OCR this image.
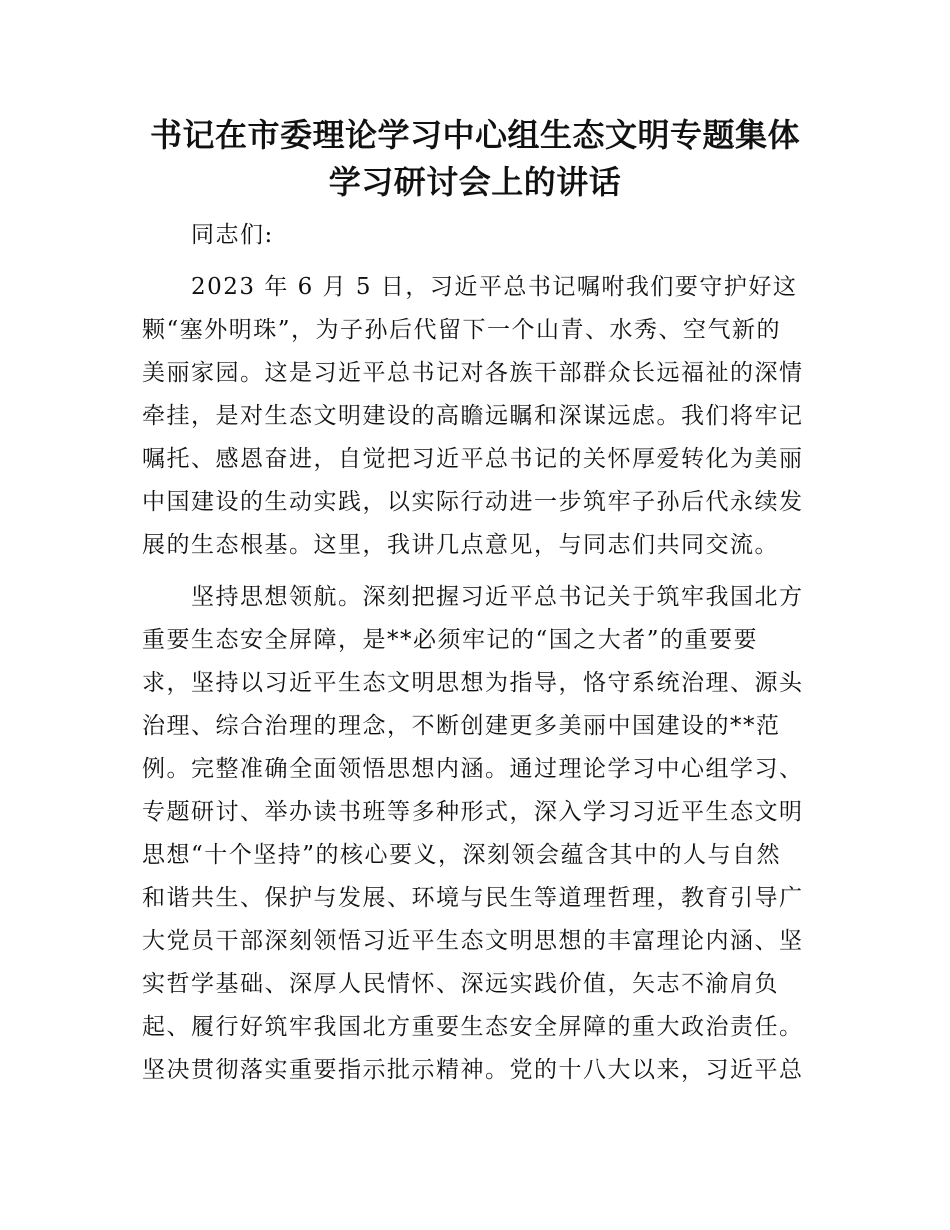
书记在市委理论学习中心组生态文明专题集体
学习研讨会上的讲话
　　同志们:
　　2023 年 6 月 5 日，习近平总书记嘱咐我们要守护好这
颗“塞外明珠”，为子孙后代留下一个山青、水秀、空气新的
美丽家园。这是习近平总书记对各族干部群众长远福祉的深情
牵挂，是对生态文明建设的高瞻远瞩和深谋远虑。我们将牢记
嘱托、感恩奋进，自觉把习近平总书记的关怀厚爱转化为美丽
中国建设的生动实践，以实际行动进一步筑牢子孙后代永续发
展的生态根基。这里，我讲几点意见，与同志们共同交流。
　　坚持思想领航。深刻把握习近平总书记关于筑牢我国北方
重要生态安全屏障，是**必须牢记的“国之大者”的重要要
求，坚持以习近平生态文明思想为指导，恪守系统治理、源头
治理、综合治理的理念，不断创建更多美丽中国建设的**范
例。完整准确全面领悟思想内涵。通过理论学习中心组学习、
专题研讨、举办读书班等多种形式，深入学习习近平生态文明
思想“十个坚持”的核心要义，深刻领会蕴含其中的人与自然
和谐共生、保护与发展、环境与民生等道理哲理，教育引导广
大党员干部深刻领悟习近平生态文明思想的丰富理论内涵、坚
实哲学基础、深厚人民情怀、深远实践价值，矢志不渝肩负
起、履行好筑牢我国北方重要生态安全屏障的重大政治责任。
坚决贯彻落实重要指示批示精神。党的十八大以来，习近平总
